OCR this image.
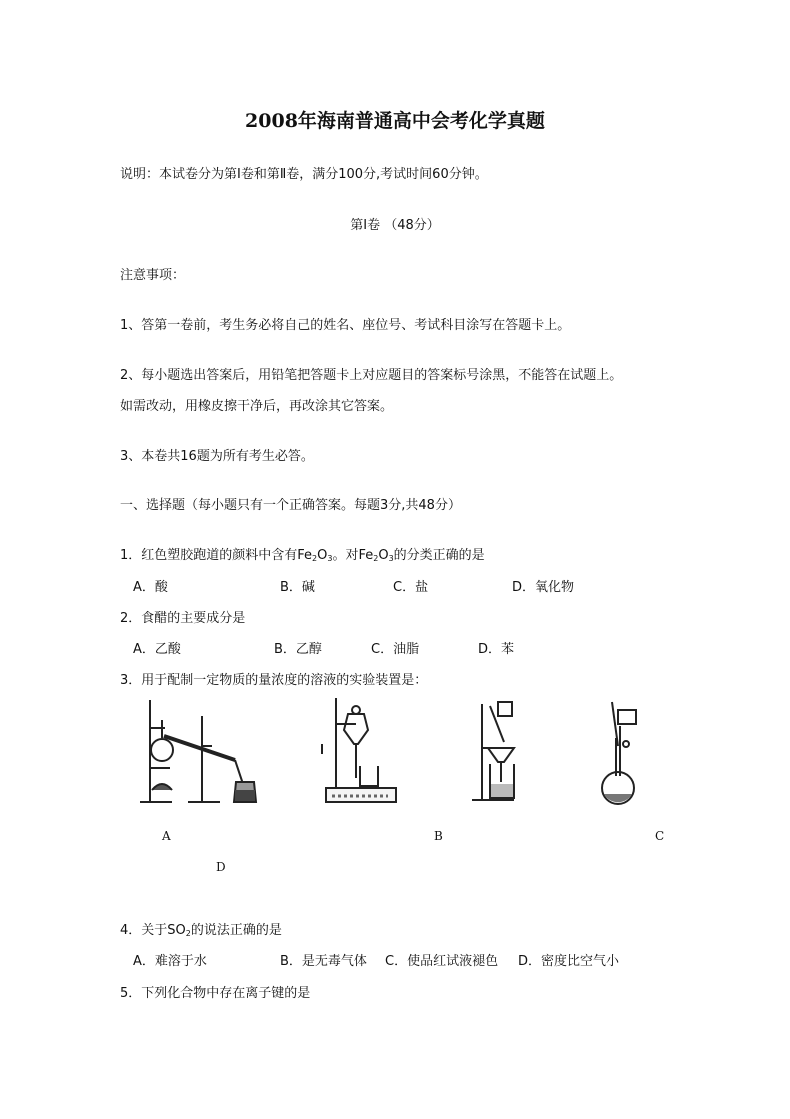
2008年海南普通高中会考化学真题
说明：本试卷分为第Ⅰ卷和第Ⅱ卷，满分100分,考试时间60分钟。
第Ⅰ卷 （48分）
注意事项：
1、答第一卷前，考生务必将自己的姓名、座位号、考试科目涂写在答题卡上。
2、每小题选出答案后，用铅笔把答题卡上对应题目的答案标号涂黑，不能答在试题上。
如需改动，用橡皮擦干净后，再改涂其它答案。
3、本卷共16题为所有考生必答。
一、选择题（每小题只有一个正确答案。每题3分,共48分）
1．红色塑胶跑道的颜料中含有$Fe_2O_3$。对$Fe_2O_3$的分类正确的是
A．酸	B．碱	C．盐	D．氧化物
2．食醋的主要成分是
A．乙酸	B．乙醇	C．油脂	D．苯
3．用于配制一定物质的量浓度的溶液的实验装置是：
A	B	C
D
4．关于$SO_2$的说法正确的是
A．难溶于水	B．是无毒气体 C．使品红试液褪色 D．密度比空气小
5．下列化合物中存在离子键的是
